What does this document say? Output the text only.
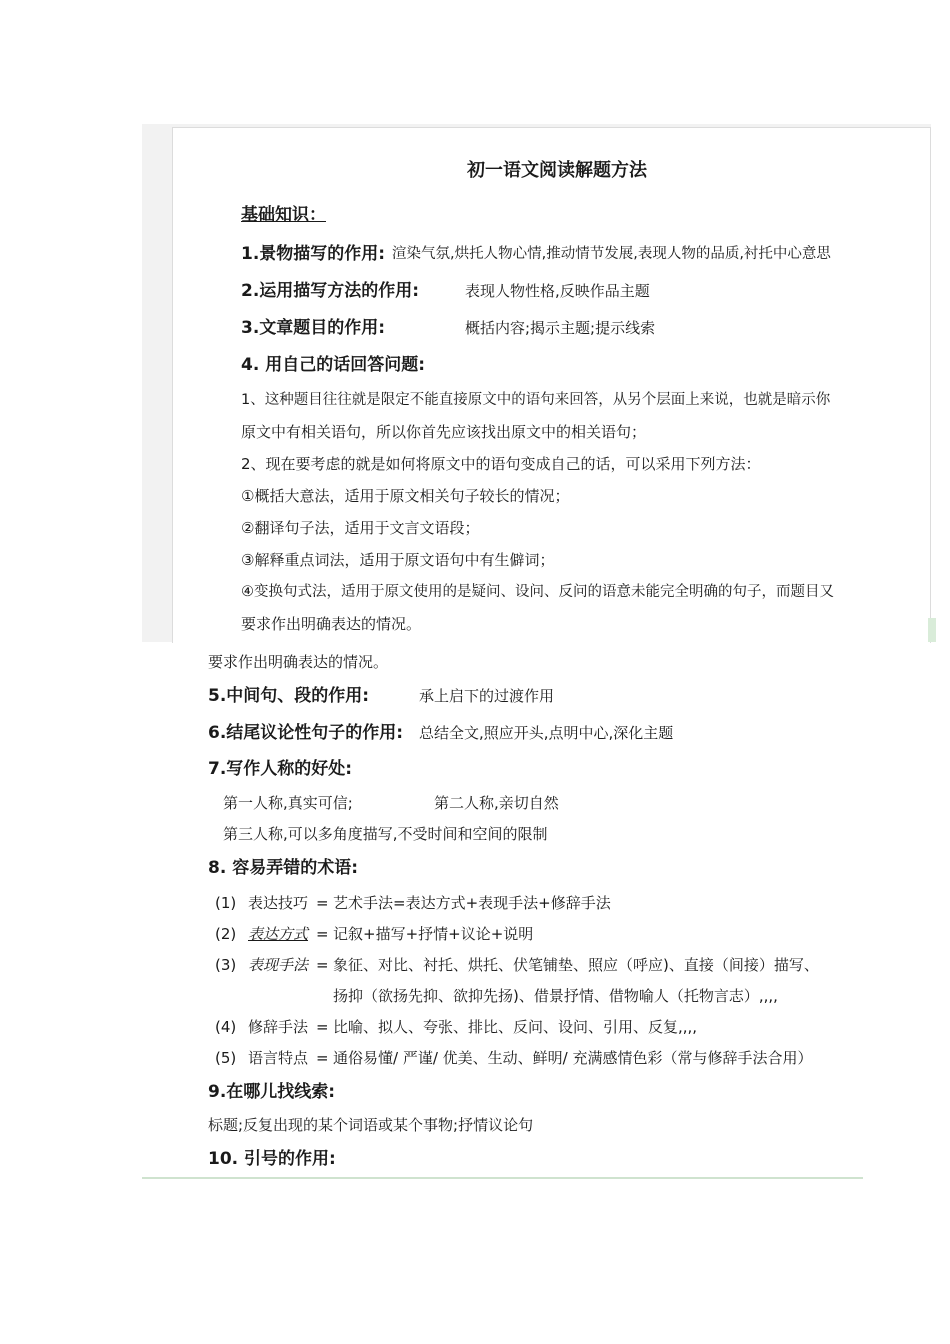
初一语文阅读解题方法
基础知识：
1.景物描写的作用: 渲染气氛,烘托人物心情,推动情节发展,表现人物的品质,衬托中心意思
2.运用描写方法的作用:	表现人物性格,反映作品主题
3.文章题目的作用:	概括内容;揭示主题;提示线索
4. 用自己的话回答问题:
1、这种题目往往就是限定不能直接原文中的语句来回答，从另个层面上来说，也就是暗示你
原文中有相关语句，所以你首先应该找出原文中的相关语句；
2、现在要考虑的就是如何将原文中的语句变成自己的话，可以采用下列方法：
①概括大意法，适用于原文相关句子较长的情况；
②翻译句子法，适用于文言文语段；
③解释重点词法，适用于原文语句中有生僻词；
④变换句式法，适用于原文使用的是疑问、设问、反问的语意未能完全明确的句子，而题目又
要求作出明确表达的情况。
要求作出明确表达的情况。
5.中间句、段的作用:	承上启下的过渡作用
6.结尾议论性句子的作用: 总结全文,照应开头,点明中心,深化主题
7.写作人称的好处:
第一人称,真实可信;	第二人称,亲切自然
第三人称,可以多角度描写,不受时间和空间的限制
8. 容易弄错的术语:
(1) 表达技巧 = 艺术手法=表达方式+表现手法+修辞手法
(2) 表达方式 = 记叙+描写+抒情+议论+说明
(3) 表现手法 = 象征、对比、衬托、烘托、伏笔铺垫、照应（呼应)、直接（间接）描写、
扬抑（欲扬先抑、欲抑先扬)、借景抒情、借物喻人（托物言志）,,,,
(4) 修辞手法 = 比喻、拟人、夸张、排比、反问、设问、引用、反复,,,,
(5) 语言特点 = 通俗易懂/ 严谨/ 优美、生动、鲜明/ 充满感情色彩（常与修辞手法合用）
9.在哪儿找线索:
标题;反复出现的某个词语或某个事物;抒情议论句
10. 引号的作用:
